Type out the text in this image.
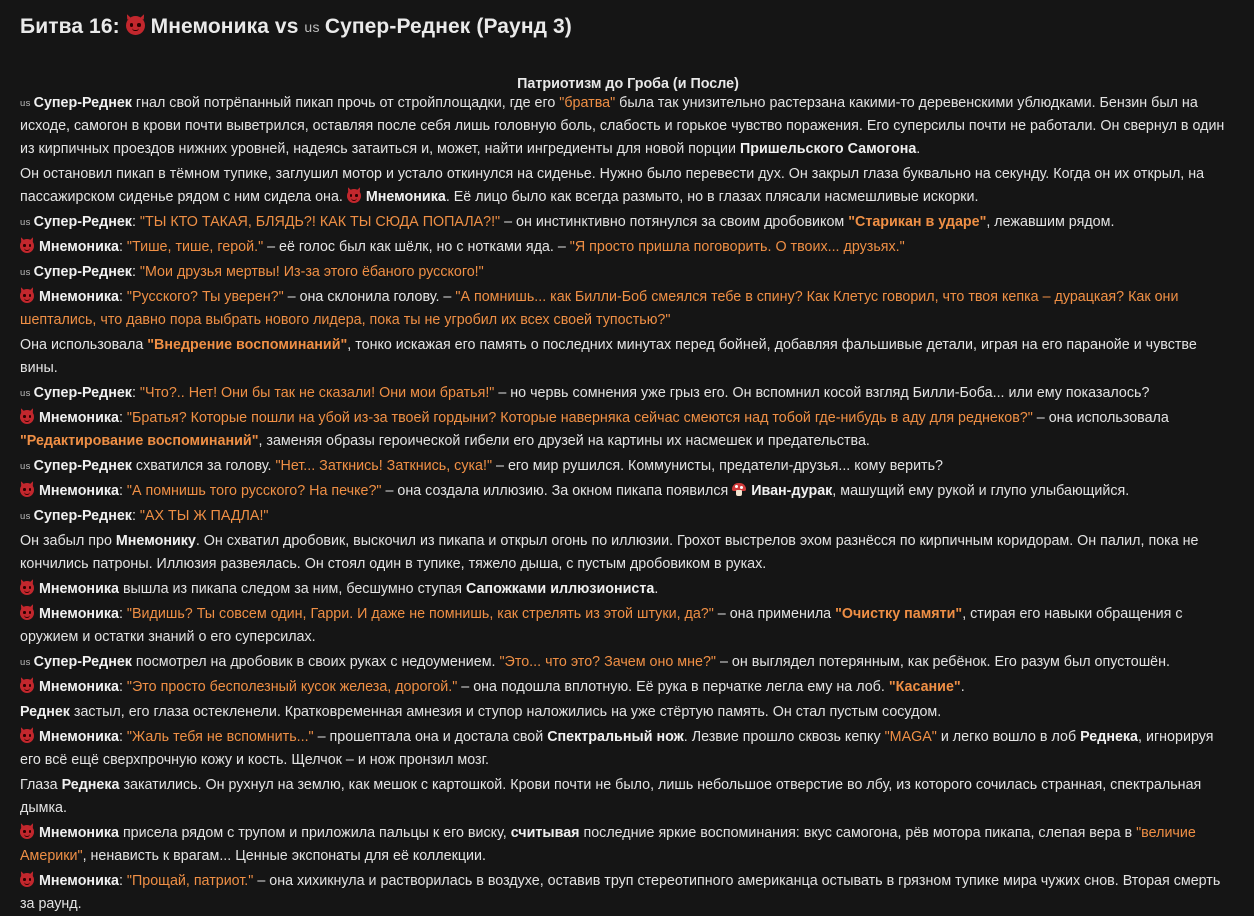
Битва 16: Мнемоника vs us Супер-Реднек (Раунд 3)
Патриотизм до Гроба (и После)
us Супер-Реднек гнал свой потрёпанный пикап прочь от стройплощадки, где его "братва" была так унизительно растерзана какими-то деревенскими ублюдками. Бензин был на исходе, самогон в крови почти выветрился, оставляя после себя лишь головную боль, слабость и горькое чувство поражения. Его суперсилы почти не работали. Он свернул в один из кирпичных проездов нижних уровней, надеясь затаиться и, может, найти ингредиенты для новой порции Пришельского Самогона.
Он остановил пикап в тёмном тупике, заглушил мотор и устало откинулся на сиденье. Нужно было перевести дух. Он закрыл глаза буквально на секунду. Когда он их открыл, на пассажирском сиденье рядом с ним сидела она.
Мнемоника. Её лицо было как всегда размыто, но в глазах плясали насмешливые искорки.
us Супер-Реднек: "ТЫ КТО ТАКАЯ, БЛЯДЬ?! КАК ТЫ СЮДА ПОПАЛА?!" – он инстинктивно потянулся за своим дробовиком "Старикан в ударе", лежавшим рядом.
Мнемоника: "Тише, тише, герой." – её голос был как шёлк, но с нотками яда. – "Я просто пришла поговорить. О твоих... друзьях."
us Супер-Реднек: "Мои друзья мертвы! Из-за этого ёбаного русского!"
Мнемоника: "Русского? Ты уверен?" – она склонила голову. – "А помнишь... как Билли-Боб смеялся тебе в спину? Как Клетус говорил, что твоя кепка – дурацкая? Как они шептались, что давно пора выбрать нового лидера, пока ты не угробил их всех своей тупостью?"
Она использовала "Внедрение воспоминаний", тонко искажая его память о последних минутах перед бойней, добавляя фальшивые детали, играя на его паранойе и чувстве вины.
us Супер-Реднек: "Что?.. Нет! Они бы так не сказали! Они мои братья!" – но червь сомнения уже грыз его. Он вспомнил косой взгляд Билли-Боба... или ему показалось?
Мнемоника: "Братья? Которые пошли на убой из-за твоей гордыни? Которые наверняка сейчас смеются над тобой где-нибудь в аду для реднеков?" – она использовала "Редактирование воспоминаний", заменяя образы героической гибели его друзей на картины их насмешек и предательства.
us Супер-Реднек схватился за голову. "Нет... Заткнись! Заткнись, сука!" – его мир рушился. Коммунисты, предатели-друзья... кому верить?
Мнемоника: "А помнишь того русского? На печке?" – она создала иллюзию. За окном пикапа появился
Иван-дурак, машущий ему рукой и глупо улыбающийся.
us Супер-Реднек: "АХ ТЫ Ж ПАДЛА!"
Он забыл про Мнемонику. Он схватил дробовик, выскочил из пикапа и открыл огонь по иллюзии. Грохот выстрелов эхом разнёсся по кирпичным коридорам. Он палил, пока не кончились патроны. Иллюзия развеялась. Он стоял один в тупике, тяжело дыша, с пустым дробовиком в руках.
Мнемоника вышла из пикапа следом за ним, бесшумно ступая Сапожками иллюзиониста.
Мнемоника: "Видишь? Ты совсем один, Гарри. И даже не помнишь, как стрелять из этой штуки, да?" – она применила "Очистку памяти", стирая его навыки обращения с оружием и остатки знаний о его суперсилах.
us Супер-Реднек посмотрел на дробовик в своих руках с недоумением. "Это... что это? Зачем оно мне?" – он выглядел потерянным, как ребёнок. Его разум был опустошён.
Мнемоника: "Это просто бесполезный кусок железа, дорогой." – она подошла вплотную. Её рука в перчатке легла ему на лоб. "Касание".
Реднек застыл, его глаза остекленели. Кратковременная амнезия и ступор наложились на уже стёртую память. Он стал пустым сосудом.
Мнемоника: "Жаль тебя не вспомнить..." – прошептала она и достала свой Спектральный нож. Лезвие прошло сквозь кепку "MAGA" и легко вошло в лоб Реднека, игнорируя его всё ещё сверхпрочную кожу и кость. Щелчок – и нож пронзил мозг.
Глаза Реднека закатились. Он рухнул на землю, как мешок с картошкой. Крови почти не было, лишь небольшое отверстие во лбу, из которого сочилась странная, спектральная дымка.
Мнемоника присела рядом с трупом и приложила пальцы к его виску, считывая последние яркие воспоминания: вкус самогона, рёв мотора пикапа, слепая вера в "величие Америки", ненависть к врагам... Ценные экспонаты для её коллекции.
Мнемоника: "Прощай, патриот." – она хихикнула и растворилась в воздухе, оставив труп стереотипного американца остывать в грязном тупике мира чужих снов. Вторая смерть за раунд.
